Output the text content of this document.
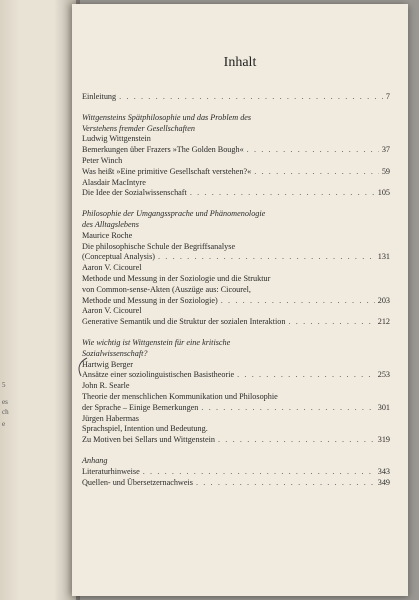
5
es
ch
e
Inhalt
Einleitung . . .	7
Wittgensteins Spätphilosophie und das Problem des
Verstehens fremder Gesellschaften
Ludwig Wittgenstein
Bemerkungen über Frazers »The Golden Bough« . . .	37
Peter Winch
Was heißt »Eine primitive Gesellschaft verstehen?« . . .	59
Alasdair MacIntyre
Die Idee der Sozialwissenschaft . . .	105
Philosophie der Umgangssprache und Phänomenologie
des Alltagslebens
Maurice Roche
Die philosophische Schule der Begriffsanalyse
(Conceptual Analysis) . . .	131
Aaron V. Cicourel
Methode und Messung in der Soziologie und die Struktur
von Common-sense-Akten (Auszüge aus: Cicourel,
Methode und Messung in der Soziologie) . . .	203
Aaron V. Cicourel
Generative Semantik und die Struktur der sozialen Interaktion . . .	212
Wie wichtig ist Wittgenstein für eine kritische
Sozialwissenschaft?
Hartwig Berger
Ansätze einer soziolinguistischen Basistheorie . . .	253
John R. Searle
Theorie der menschlichen Kommunikation und Philosophie
der Sprache – Einige Bemerkungen . . .	301
Jürgen Habermas
Sprachspiel, Intention und Bedeutung.
Zu Motiven bei Sellars und Wittgenstein . . .	319
Anhang
Literaturhinweise . . .	343
Quellen- und Übersetzernachweis . . .	349
